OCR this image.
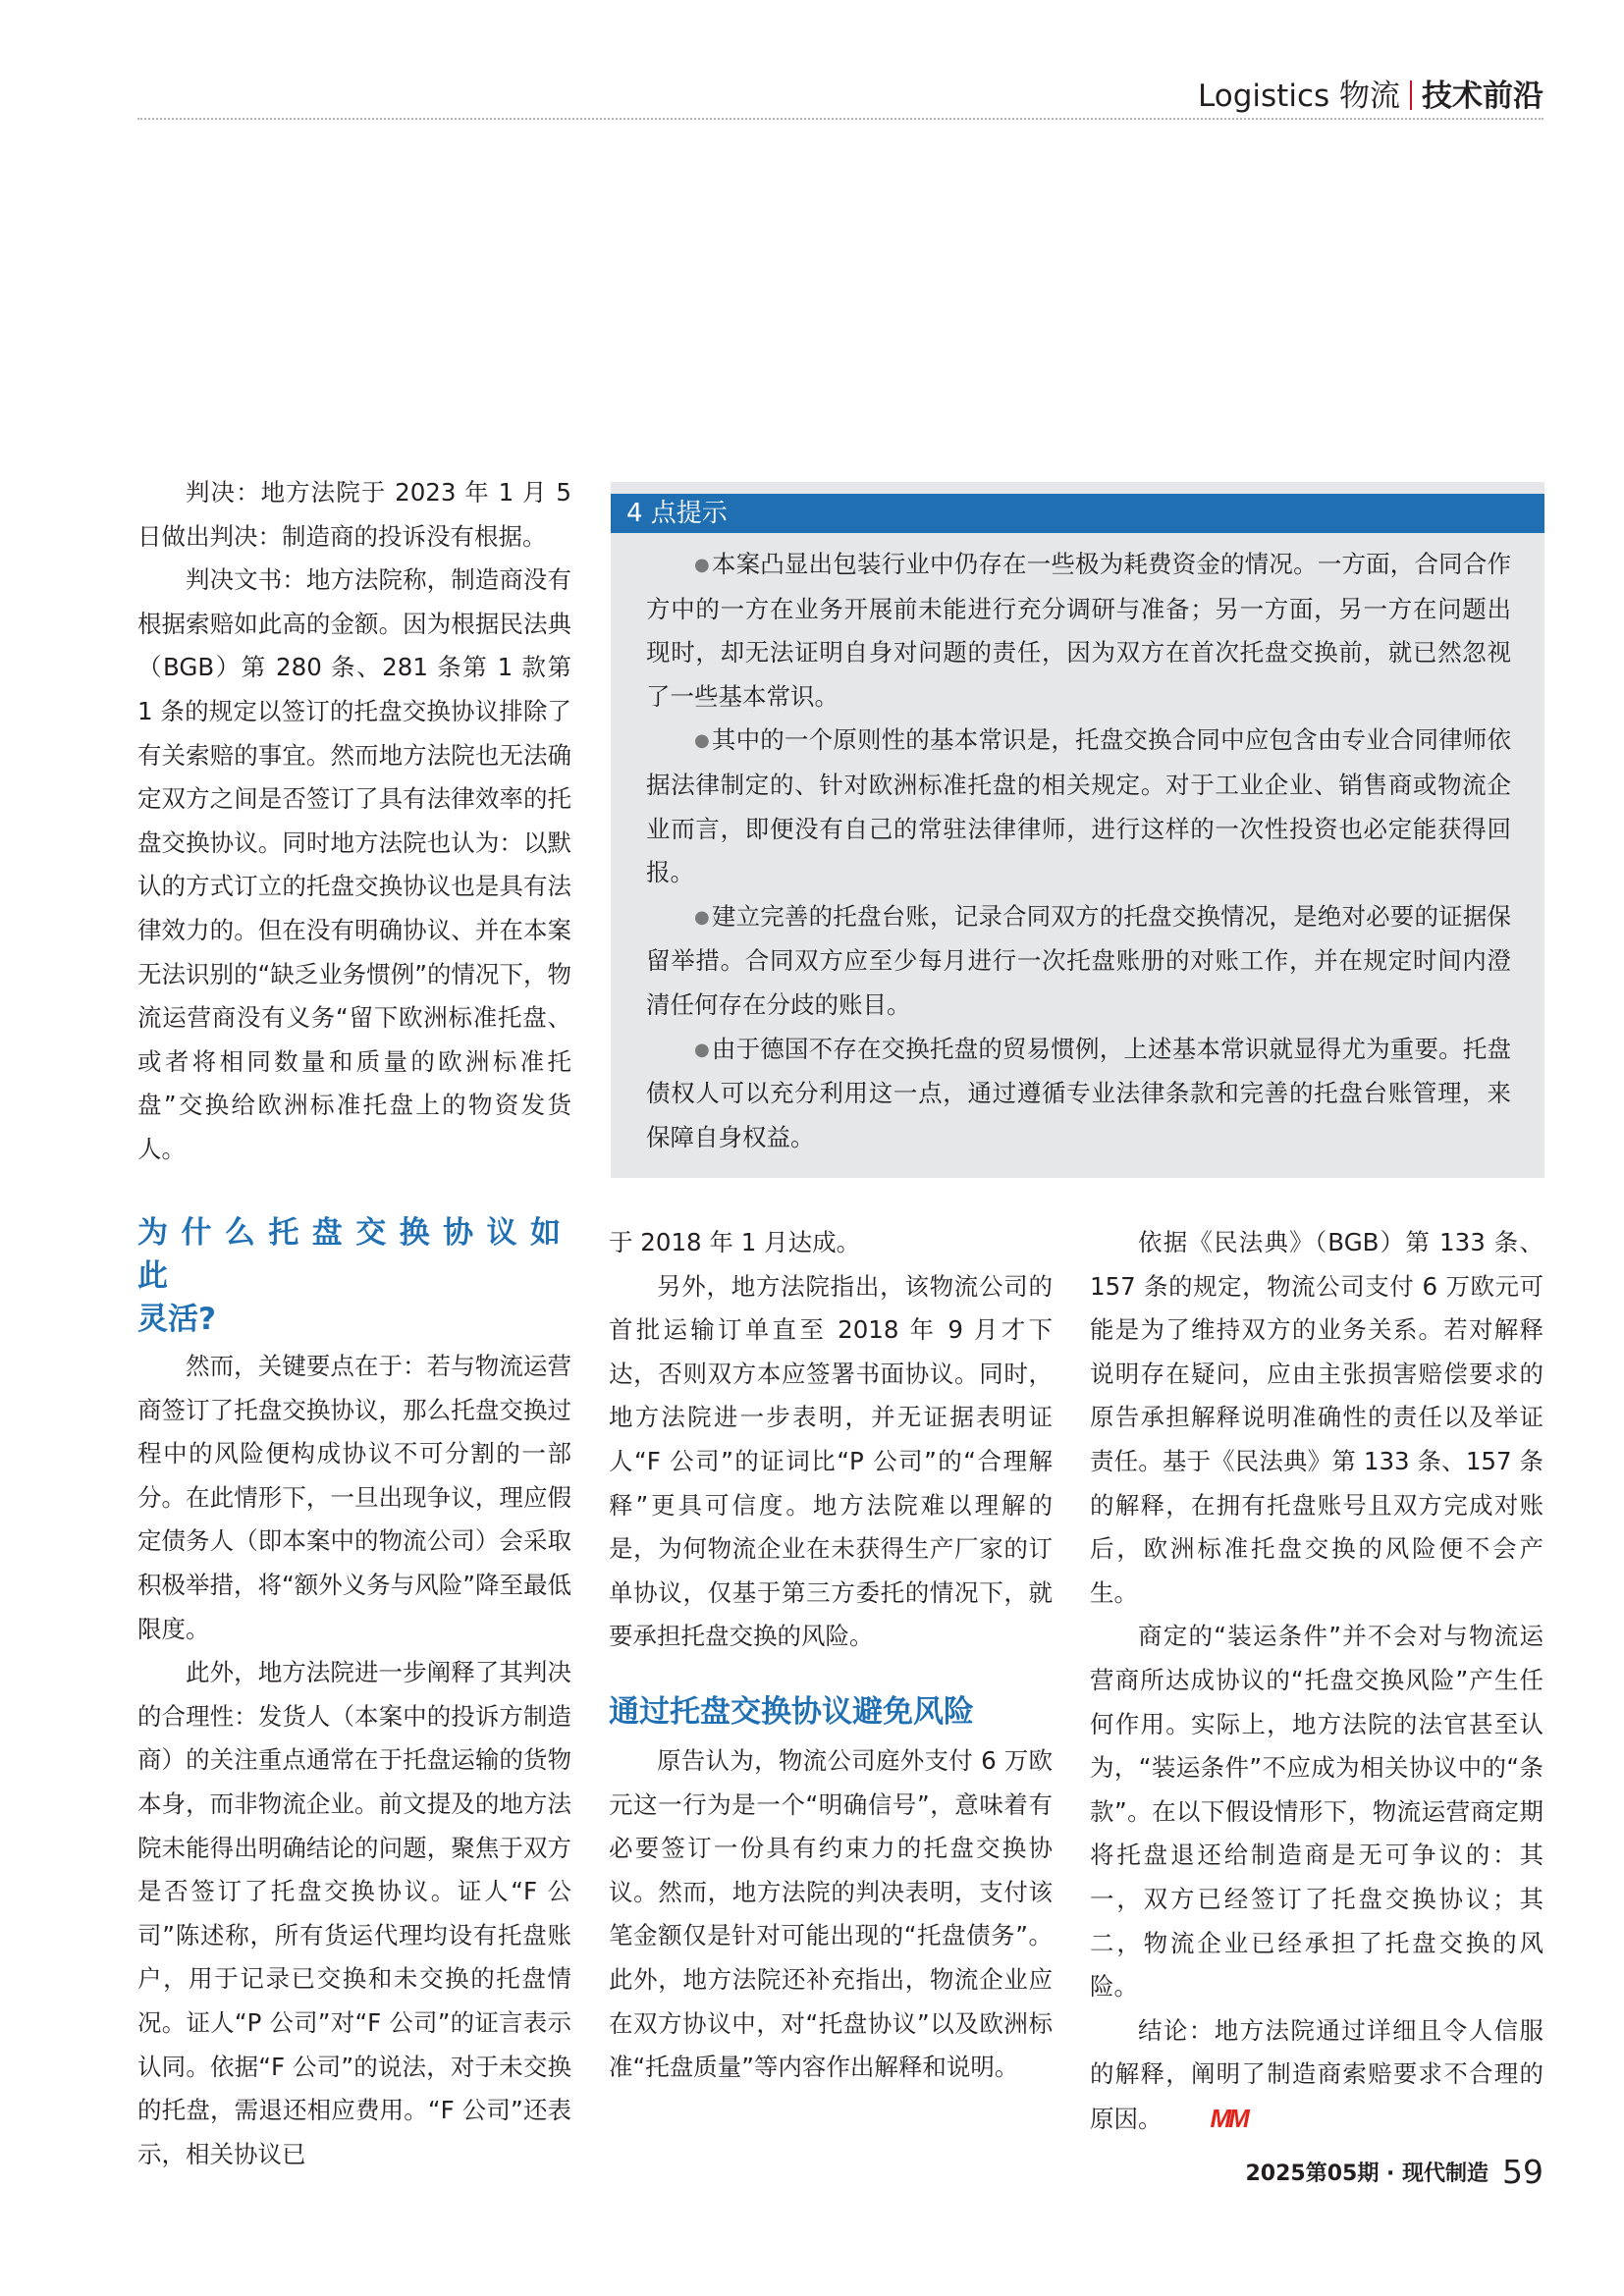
Logistics 物流 技术前沿
4 点提示

●本案凸显出包装行业中仍存在一些极为耗费资金的情况。一方面，合同合作方中的一方在业务开展前未能进行充分调研与准备；另一方面，另一方在问题出现时，却无法证明自身对问题的责任，因为双方在首次托盘交换前，就已然忽视了一些基本常识。

●其中的一个原则性的基本常识是，托盘交换合同中应包含由专业合同律师依据法律制定的、针对欧洲标准托盘的相关规定。对于工业企业、销售商或物流企业而言，即便没有自己的常驻法律律师，进行这样的一次性投资也必定能获得回报。

●建立完善的托盘台账，记录合同双方的托盘交换情况，是绝对必要的证据保留举措。合同双方应至少每月进行一次托盘账册的对账工作，并在规定时间内澄清任何存在分歧的账目。

●由于德国不存在交换托盘的贸易惯例，上述基本常识就显得尤为重要。托盘债权人可以充分利用这一点，通过遵循专业法律条款和完善的托盘台账管理，来保障自身权益。

判决：地方法院于 2023 年 1 月 5 日做出判决：制造商的投诉没有根据。

判决文书：地方法院称，制造商没有根据索赔如此高的金额。因为根据民法典（BGB）第 280 条、281 条第 1 款第 1 条的规定以签订的托盘交换协议排除了有关索赔的事宜。然而地方法院也无法确定双方之间是否签订了具有法律效率的托盘交换协议。同时地方法院也认为：以默认的方式订立的托盘交换协议也是具有法律效力的。但在没有明确协议、并在本案无法识别的“缺乏业务惯例”的情况下，物流运营商没有义务“留下欧洲标准托盘、或者将相同数量和质量的欧洲标准托盘”交换给欧洲标准托盘上的物资发货人。

为什么托盘交换协议如此
灵活?

然而，关键要点在于：若与物流运营商签订了托盘交换协议，那么托盘交换过程中的风险便构成协议不可分割的一部分。在此情形下，一旦出现争议，理应假定债务人（即本案中的物流公司）会采取积极举措，将“额外义务与风险”降至最低限度。

此外，地方法院进一步阐释了其判决的合理性：发货人（本案中的投诉方制造商）的关注重点通常在于托盘运输的货物本身，而非物流企业。前文提及的地方法院未能得出明确结论的问题，聚焦于双方是否签订了托盘交换协议。证人“F 公司”陈述称，所有货运代理均设有托盘账户，用于记录已交换和未交换的托盘情况。证人“P 公司”对“F 公司”的证言表示认同。依据“F 公司”的说法，对于未交换的托盘，需退还相应费用。“F 公司”还表示，相关协议已

于 2018 年 1 月达成。

另外，地方法院指出，该物流公司的首批运输订单直至 2018 年 9 月才下达，否则双方本应签署书面协议。同时，地方法院进一步表明，并无证据表明证人“F 公司”的证词比“P 公司”的“合理解释”更具可信度。地方法院难以理解的是，为何物流企业在未获得生产厂家的订单协议，仅基于第三方委托的情况下，就要承担托盘交换的风险。

通过托盘交换协议避免风险

原告认为，物流公司庭外支付 6 万欧元这一行为是一个“明确信号”，意味着有必要签订一份具有约束力的托盘交换协议。然而，地方法院的判决表明，支付该笔金额仅是针对可能出现的“托盘债务”。此外，地方法院还补充指出，物流企业应在双方协议中，对“托盘协议”以及欧洲标准“托盘质量”等内容作出解释和说明。

依据《民法典》（BGB）第 133 条、157 条的规定，物流公司支付 6 万欧元可能是为了维持双方的业务关系。若对解释说明存在疑问，应由主张损害赔偿要求的原告承担解释说明准确性的责任以及举证责任。基于《民法典》第 133 条、157 条的解释，在拥有托盘账号且双方完成对账后，欧洲标准托盘交换的风险便不会产生。

商定的“装运条件”并不会对与物流运营商所达成协议的“托盘交换风险”产生任何作用。实际上，地方法院的法官甚至认为，“装运条件”不应成为相关协议中的“条款”。在以下假设情形下，物流运营商定期将托盘退还给制造商是无可争议的：其一，双方已经签订了托盘交换协议；其二，物流企业已经承担了托盘交换的风险。

结论：地方法院通过详细且令人信服的解释，阐明了制造商索赔要求不合理的原因。 MM

2025第05期 · 现代制造 59
